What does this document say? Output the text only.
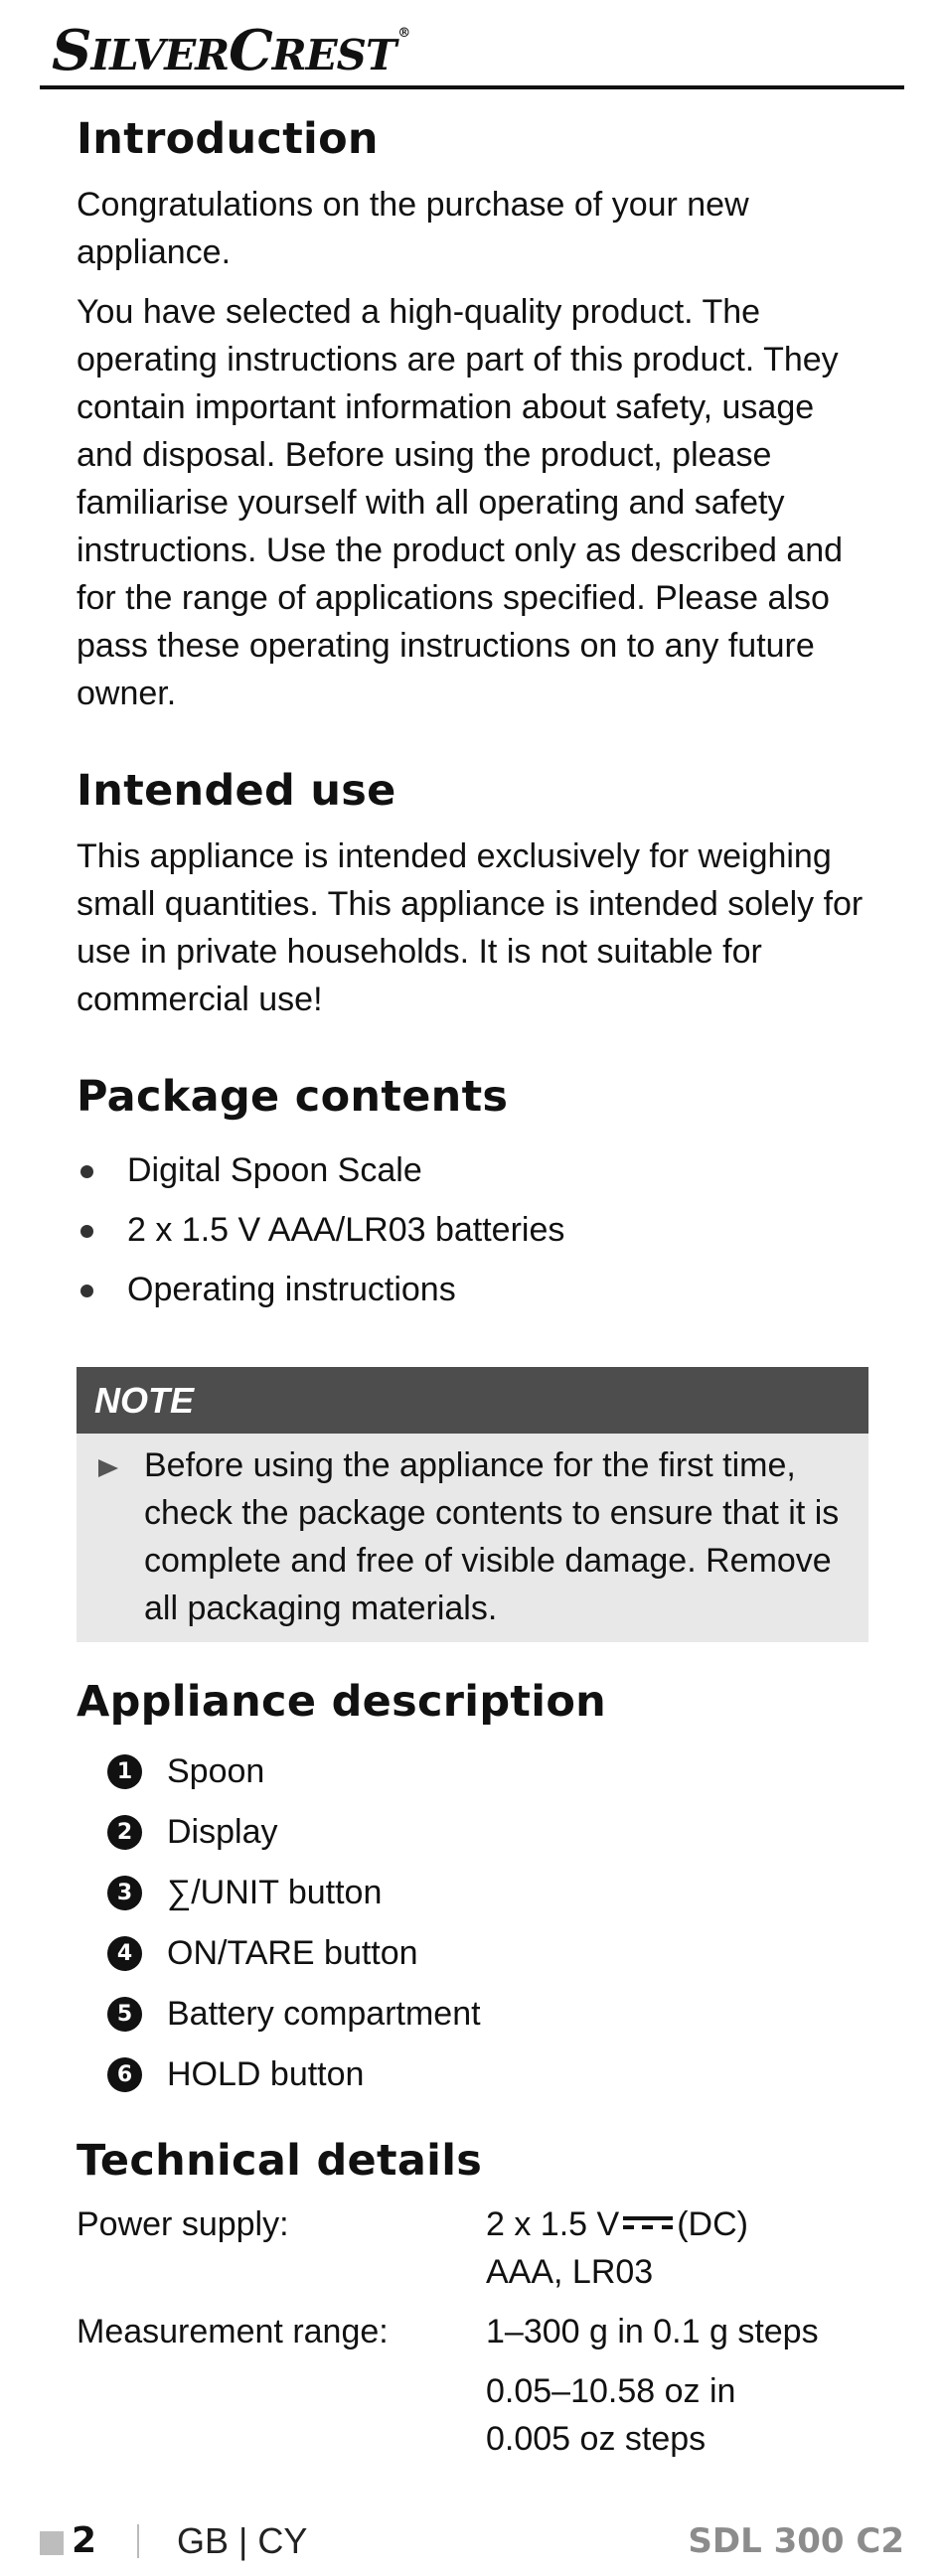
SILVERCREST ®
Introduction

Congratulations on the purchase of your new appliance.

You have selected a high-quality product. The operating instructions are part of this product. They contain important information about safety, usage and disposal. Before using the product, please familiarise yourself with all operating and safety instructions. Use the product only as described and for the range of applications specified. Please also pass these operating instructions on to any future owner.

Intended use

This appliance is intended exclusively for weighing small quantities. This appliance is intended solely for use in private households. It is not suitable for commercial use!

Package contents
Digital Spoon Scale
2 x 1.5 V AAA/LR03 batteries
Operating instructions
NOTE
Before using the appliance for the first time, check the package contents to ensure that it is complete and free of visible damage. Remove all packaging materials.
Appliance description
1 Spoon
2 Display
3 ∑/UNIT button
4 ON/TARE button
5 Battery compartment
6 HOLD button
Technical details
Power supply:	2 x 1.5 V (DC)
AAA, LR03
Measurement range:	1–300 g in 0.1 g steps
0.05–10.58 oz in
0.005 oz steps
2 GB | CY	SDL 300 C2
